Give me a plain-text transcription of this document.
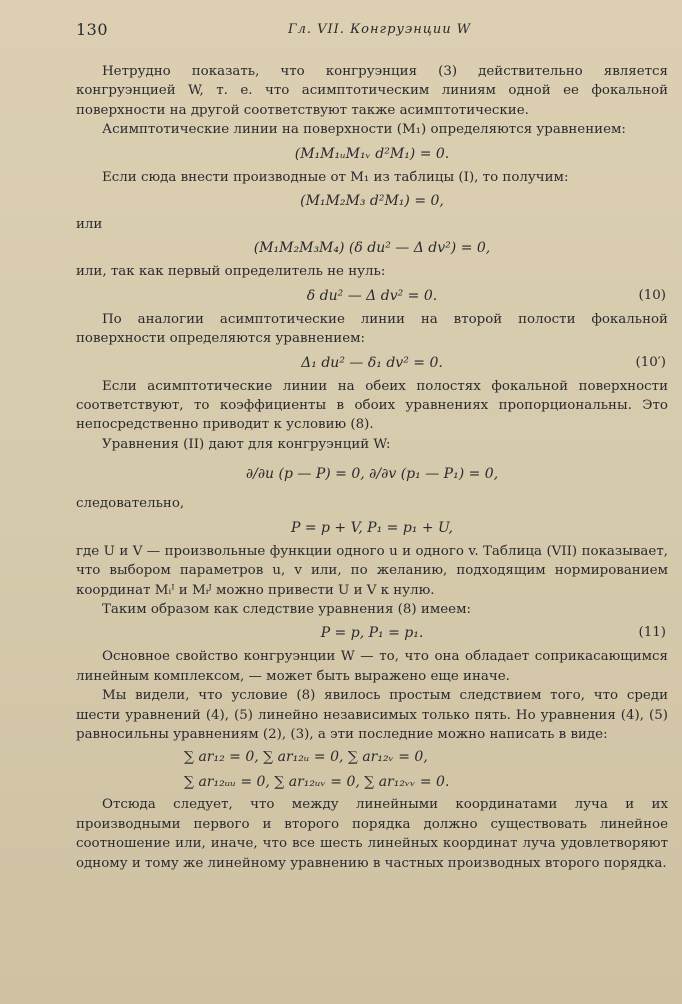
130	Гл. VII. Конгруэнции W

Нетрудно показать, что конгруэнция (3) действительно является конгруэнцией W, т. е. что асимптотическим линиям одной ее фокальной поверхности на другой соответствуют также асимптотические.

Асимптотические линии на поверхности (M₁) определяются уравнением:

(M₁M₁ᵤM₁ᵥ d²M₁) = 0.

Если сюда внести производные от M₁ из таблицы (I), то получим:

(M₁M₂M₃ d²M₁) = 0,

или

(M₁M₂M₃M₄) (δ du² — Δ dv²) = 0,

или, так как первый определитель не нуль:

δ du² — Δ dv² = 0.	(10)

По аналогии асимптотические линии на второй полости фокальной поверхности определяются уравнением:

Δ₁ du² — δ₁ dv² = 0.	(10′)

Если асимптотические линии на обеих полостях фокальной поверхности соответствуют, то коэффициенты в обоих уравнениях пропорциональны. Это непосредственно приводит к условию (8).

Уравнения (II) дают для конгруэнций W:

∂/∂u (p — P) = 0, ∂/∂v (p₁ — P₁) = 0,

следовательно,

P = p + V, P₁ = p₁ + U,

где U и V — произвольные функции одного u и одного v. Таблица (VII) показывает, что выбором параметров u, v или, по желанию, подходящим нормированием координат Mᵢᴵ и Mᵢᴶ можно привести U и V к нулю.

Таким образом как следствие уравнения (8) имеем:

P = p, P₁ = p₁.	(11)

Основное свойство конгруэнции W — то, что она обладает соприкасающимся линейным комплексом, — может быть выражено еще иначе.

Мы видели, что условие (8) явилось простым следствием того, что среди шести уравнений (4), (5) линейно независимых только пять. Но уравнения (4), (5) равносильны уравнениям (2), (3), а эти последние можно написать в виде:

∑ ar₁₂ = 0, ∑ ar₁₂ᵤ = 0, ∑ ar₁₂ᵥ = 0,
∑ ar₁₂ᵤᵤ = 0, ∑ ar₁₂ᵤᵥ = 0, ∑ ar₁₂ᵥᵥ = 0.

Отсюда следует, что между линейными координатами луча и их производными первого и второго порядка должно существовать линейное соотношение или, иначе, что все шесть линейных координат луча удовлетворяют одному и тому же линейному уравнению в частных производных второго порядка.
